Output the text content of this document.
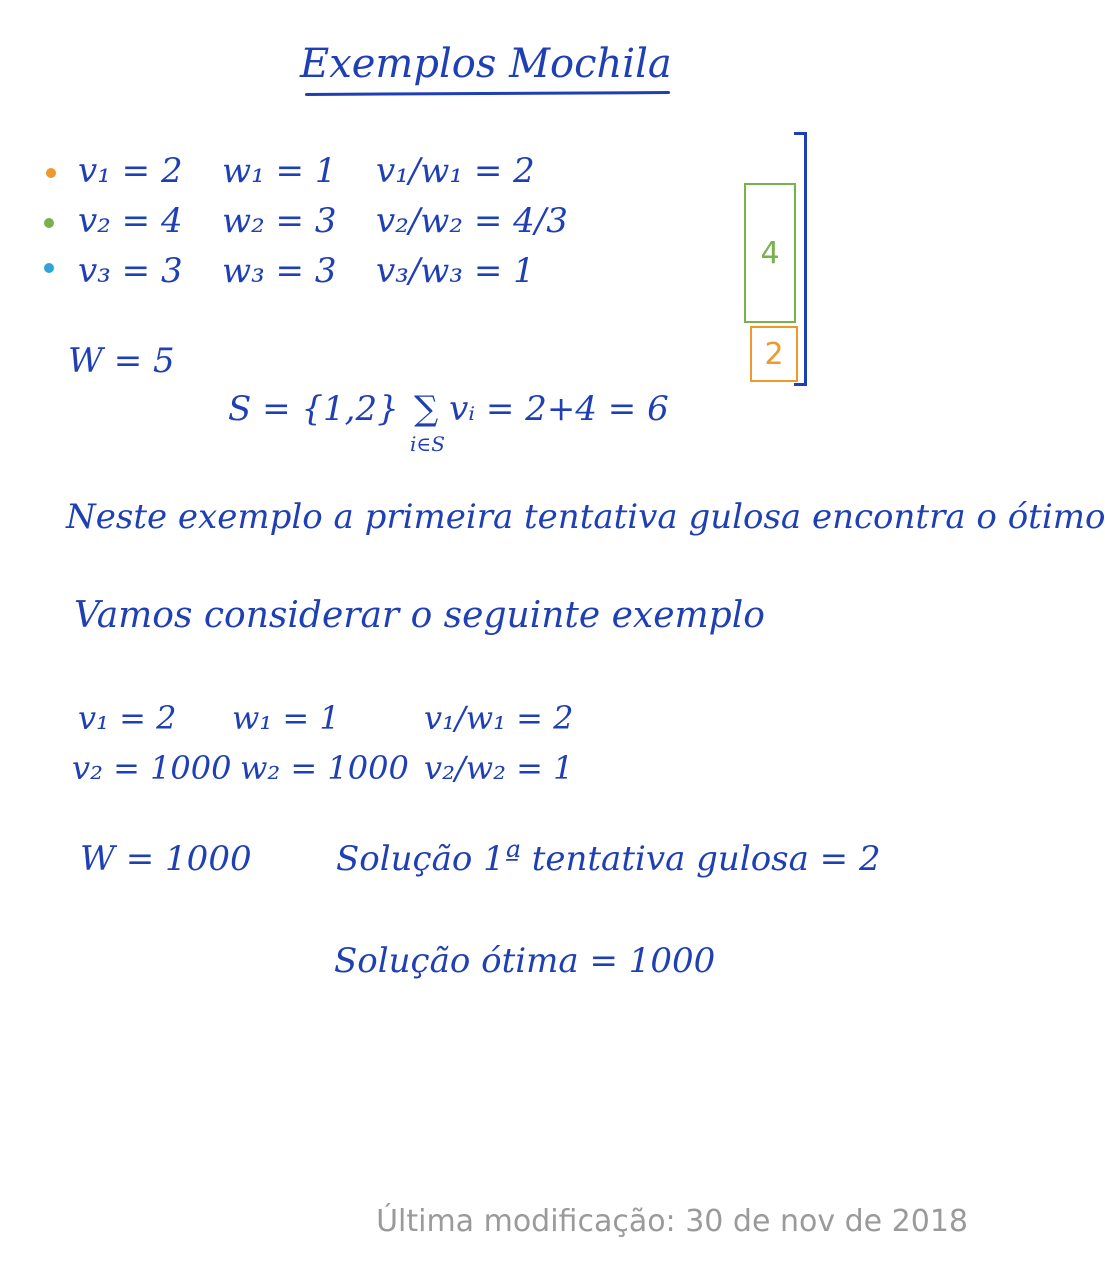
Exemplos Mochila
v₁ = 2 w₁ = 1 v₁/w₁ = 2
v₂ = 4 w₂ = 3 v₂/w₂ = 4/3
v₃ = 3 w₃ = 3 v₃/w₃ = 1	4
2
W = 5
S = {1,2} ∑ vᵢ = 2+4 = 6
i∈S
Neste exemplo a primeira tentativa gulosa encontra o ótimo
Vamos considerar o seguinte exemplo
v₁ = 2 w₁ = 1	v₁/w₁ = 2
v₂ = 1000 w₂ = 1000 v₂/w₂ = 1
W = 1000 Solução 1ª tentativa gulosa = 2
Solução ótima = 1000
Última modificação: 30 de nov de 2018
